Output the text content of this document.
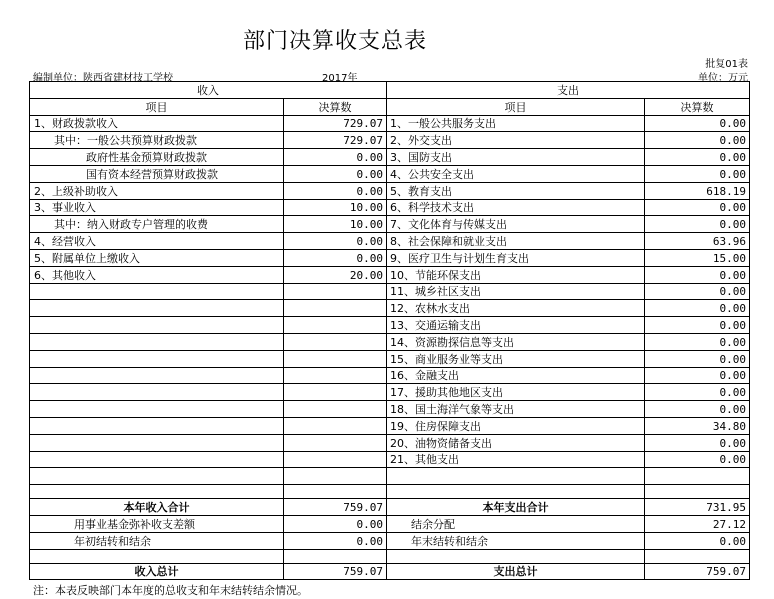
部门决算收支总表
批复01表
编制单位：陕西省建材技工学校	2017年	单位：万元
收入		支出	
项目	决算数	项目	决算数
1、财政拨款收入	729.07	1、一般公共服务支出	0.00
其中：一般公共预算财政拨款	729.07	2、外交支出	0.00
政府性基金预算财政拨款	0.00	3、国防支出	0.00
国有资本经营预算财政拨款	0.00	4、公共安全支出	0.00
2、上级补助收入	0.00	5、教育支出	618.19
3、事业收入	10.00	6、科学技术支出	0.00
其中：纳入财政专户管理的收费	10.00	7、文化体育与传媒支出	0.00
4、经营收入	0.00	8、社会保障和就业支出	63.96
5、附属单位上缴收入	0.00	9、医疗卫生与计划生育支出	15.00
6、其他收入	20.00	10、节能环保支出	0.00
		11、城乡社区支出	0.00
		12、农林水支出	0.00
		13、交通运输支出	0.00
		14、资源勘探信息等支出	0.00
		15、商业服务业等支出	0.00
		16、金融支出	0.00
		17、援助其他地区支出	0.00
		18、国土海洋气象等支出	0.00
		19、住房保障支出	34.80
		20、油物资储备支出	0.00
		21、其他支出	0.00

本年收入合计	759.07	本年支出合计	731.95
用事业基金弥补收支差额	0.00	结余分配	27.12
年初结转和结余	0.00	年末结转和结余	0.00

收入总计	759.07	支出总计	759.07
注：本表反映部门本年度的总收支和年末结转结余情况。
